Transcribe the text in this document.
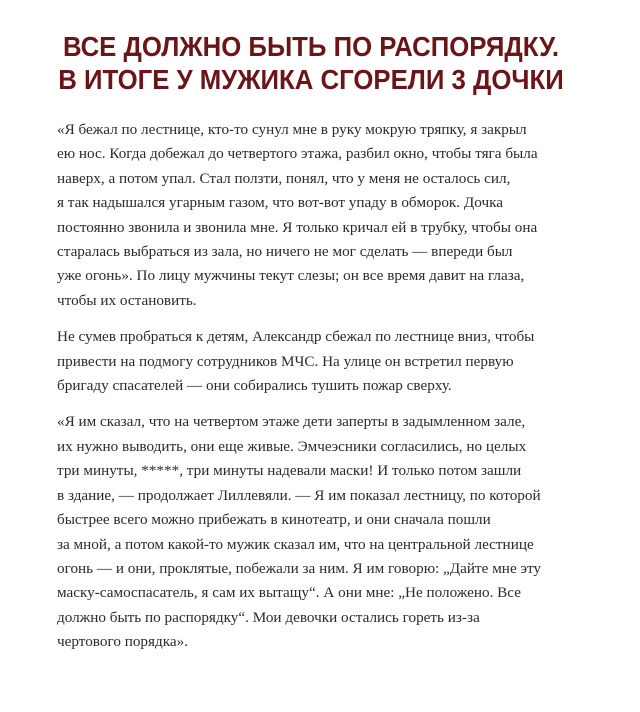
ВСЕ ДОЛЖНО БЫТЬ ПО РАСПОРЯДКУ.
В ИТОГЕ У МУЖИКА СГОРЕЛИ 3 ДОЧКИ

«Я бежал по лестнице, кто-то сунул мне в руку мокрую тряпку, я закрыл
ею нос. Когда добежал до четвертого этажа, разбил окно, чтобы тяга была
наверх, а потом упал. Стал ползти, понял, что у меня не осталось сил,
я так надышался угарным газом, что вот-вот упаду в обморок. Дочка
постоянно звонила и звонила мне. Я только кричал ей в трубку, чтобы она
старалась выбраться из зала, но ничего не мог сделать — впереди был
уже огонь». По лицу мужчины текут слезы; он все время давит на глаза,
чтобы их остановить.

Не сумев пробраться к детям, Александр сбежал по лестнице вниз, чтобы
привести на подмогу сотрудников МЧС. На улице он встретил первую
бригаду спасателей — они собирались тушить пожар сверху.

«Я им сказал, что на четвертом этаже дети заперты в задымленном зале,
их нужно выводить, они еще живые. Эмчеэсники согласились, но целых
три минуты, *****, три минуты надевали маски! И только потом зашли
в здание, — продолжает Лиллевяли. — Я им показал лестницу, по которой
быстрее всего можно прибежать в кинотеатр, и они сначала пошли
за мной, а потом какой-то мужик сказал им, что на центральной лестнице
огонь — и они, проклятые, побежали за ним. Я им говорю: „Дайте мне эту
маску-самоспасатель, я сам их вытащу“. А они мне: „Не положено. Все
должно быть по распорядку“. Мои девочки остались гореть из-за
чертового порядка».
